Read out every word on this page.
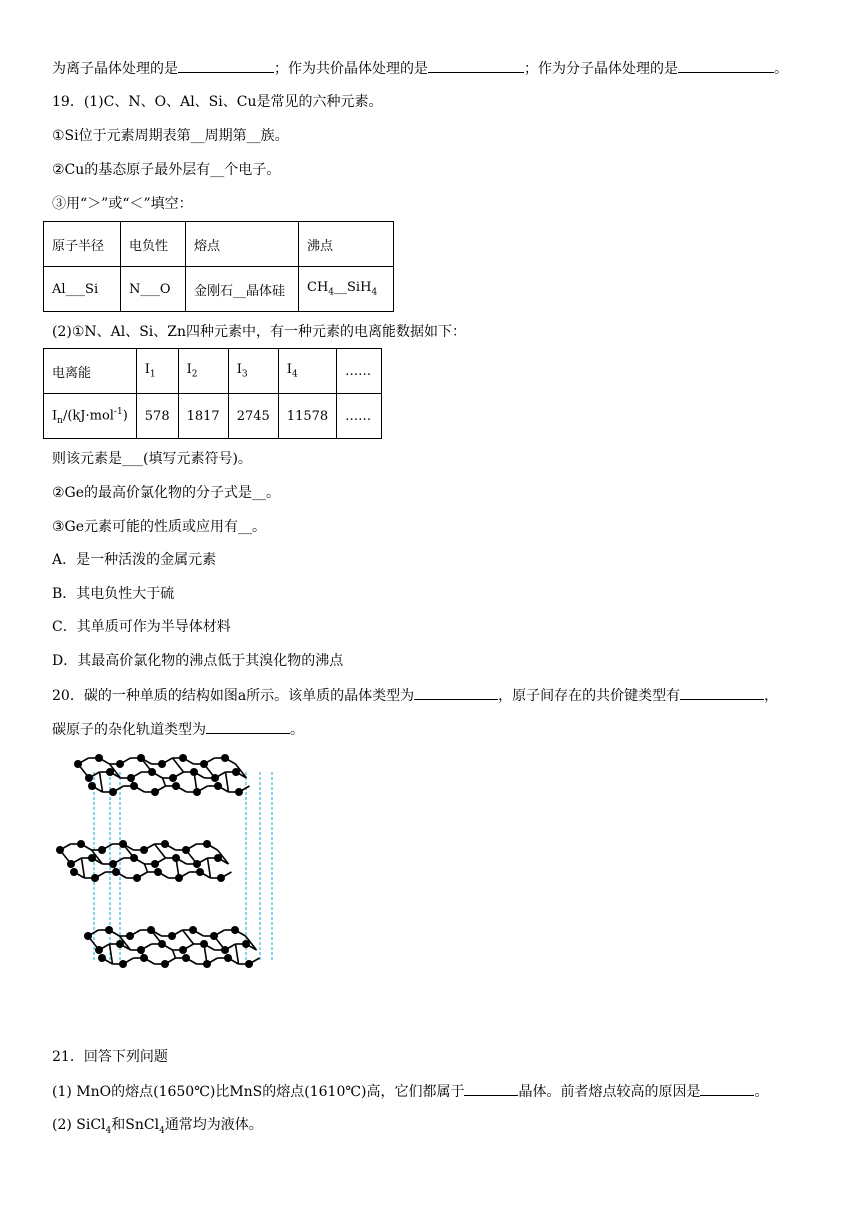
为离子晶体处理的是	；作为共价晶体处理的是	；作为分子晶体处理的是	。
19．(1)C、N、O、Al、Si、Cu是常见的六种元素。
①Si位于元素周期表第__周期第__族。
②Cu的基态原子最外层有__个电子。
③用“＞”或“＜”填空：
原子半径	电负性	熔点	沸点
Al___Si	N___O	金刚石__晶体硅	$CH_4\_\_SiH_4$
(2)①N、Al、Si、Zn四种元素中，有一种元素的电离能数据如下：
电离能	$I_1$	$I_2$	$I_3$	$I_4$	……
$I_n/(kJ\cdot mol^{-1})$	578	1817	2745	11578	……
则该元素是___(填写元素符号)。
②Ge的最高价氯化物的分子式是__。
③Ge元素可能的性质或应用有__。
A．是一种活泼的金属元素
B．其电负性大于硫
C．其单质可作为半导体材料
D．其最高价氯化物的沸点低于其溴化物的沸点
20．碳的一种单质的结构如图a所示。该单质的晶体类型为	，原子间存在的共价键类型有	，
碳原子的杂化轨道类型为	。
21．回答下列问题
(1) MnO的熔点(1650℃)比MnS的熔点(1610℃)高，它们都属于	晶体。前者熔点较高的原因是	。
(2) SiCl$_4$和SnCl$_4$通常均为液体。
